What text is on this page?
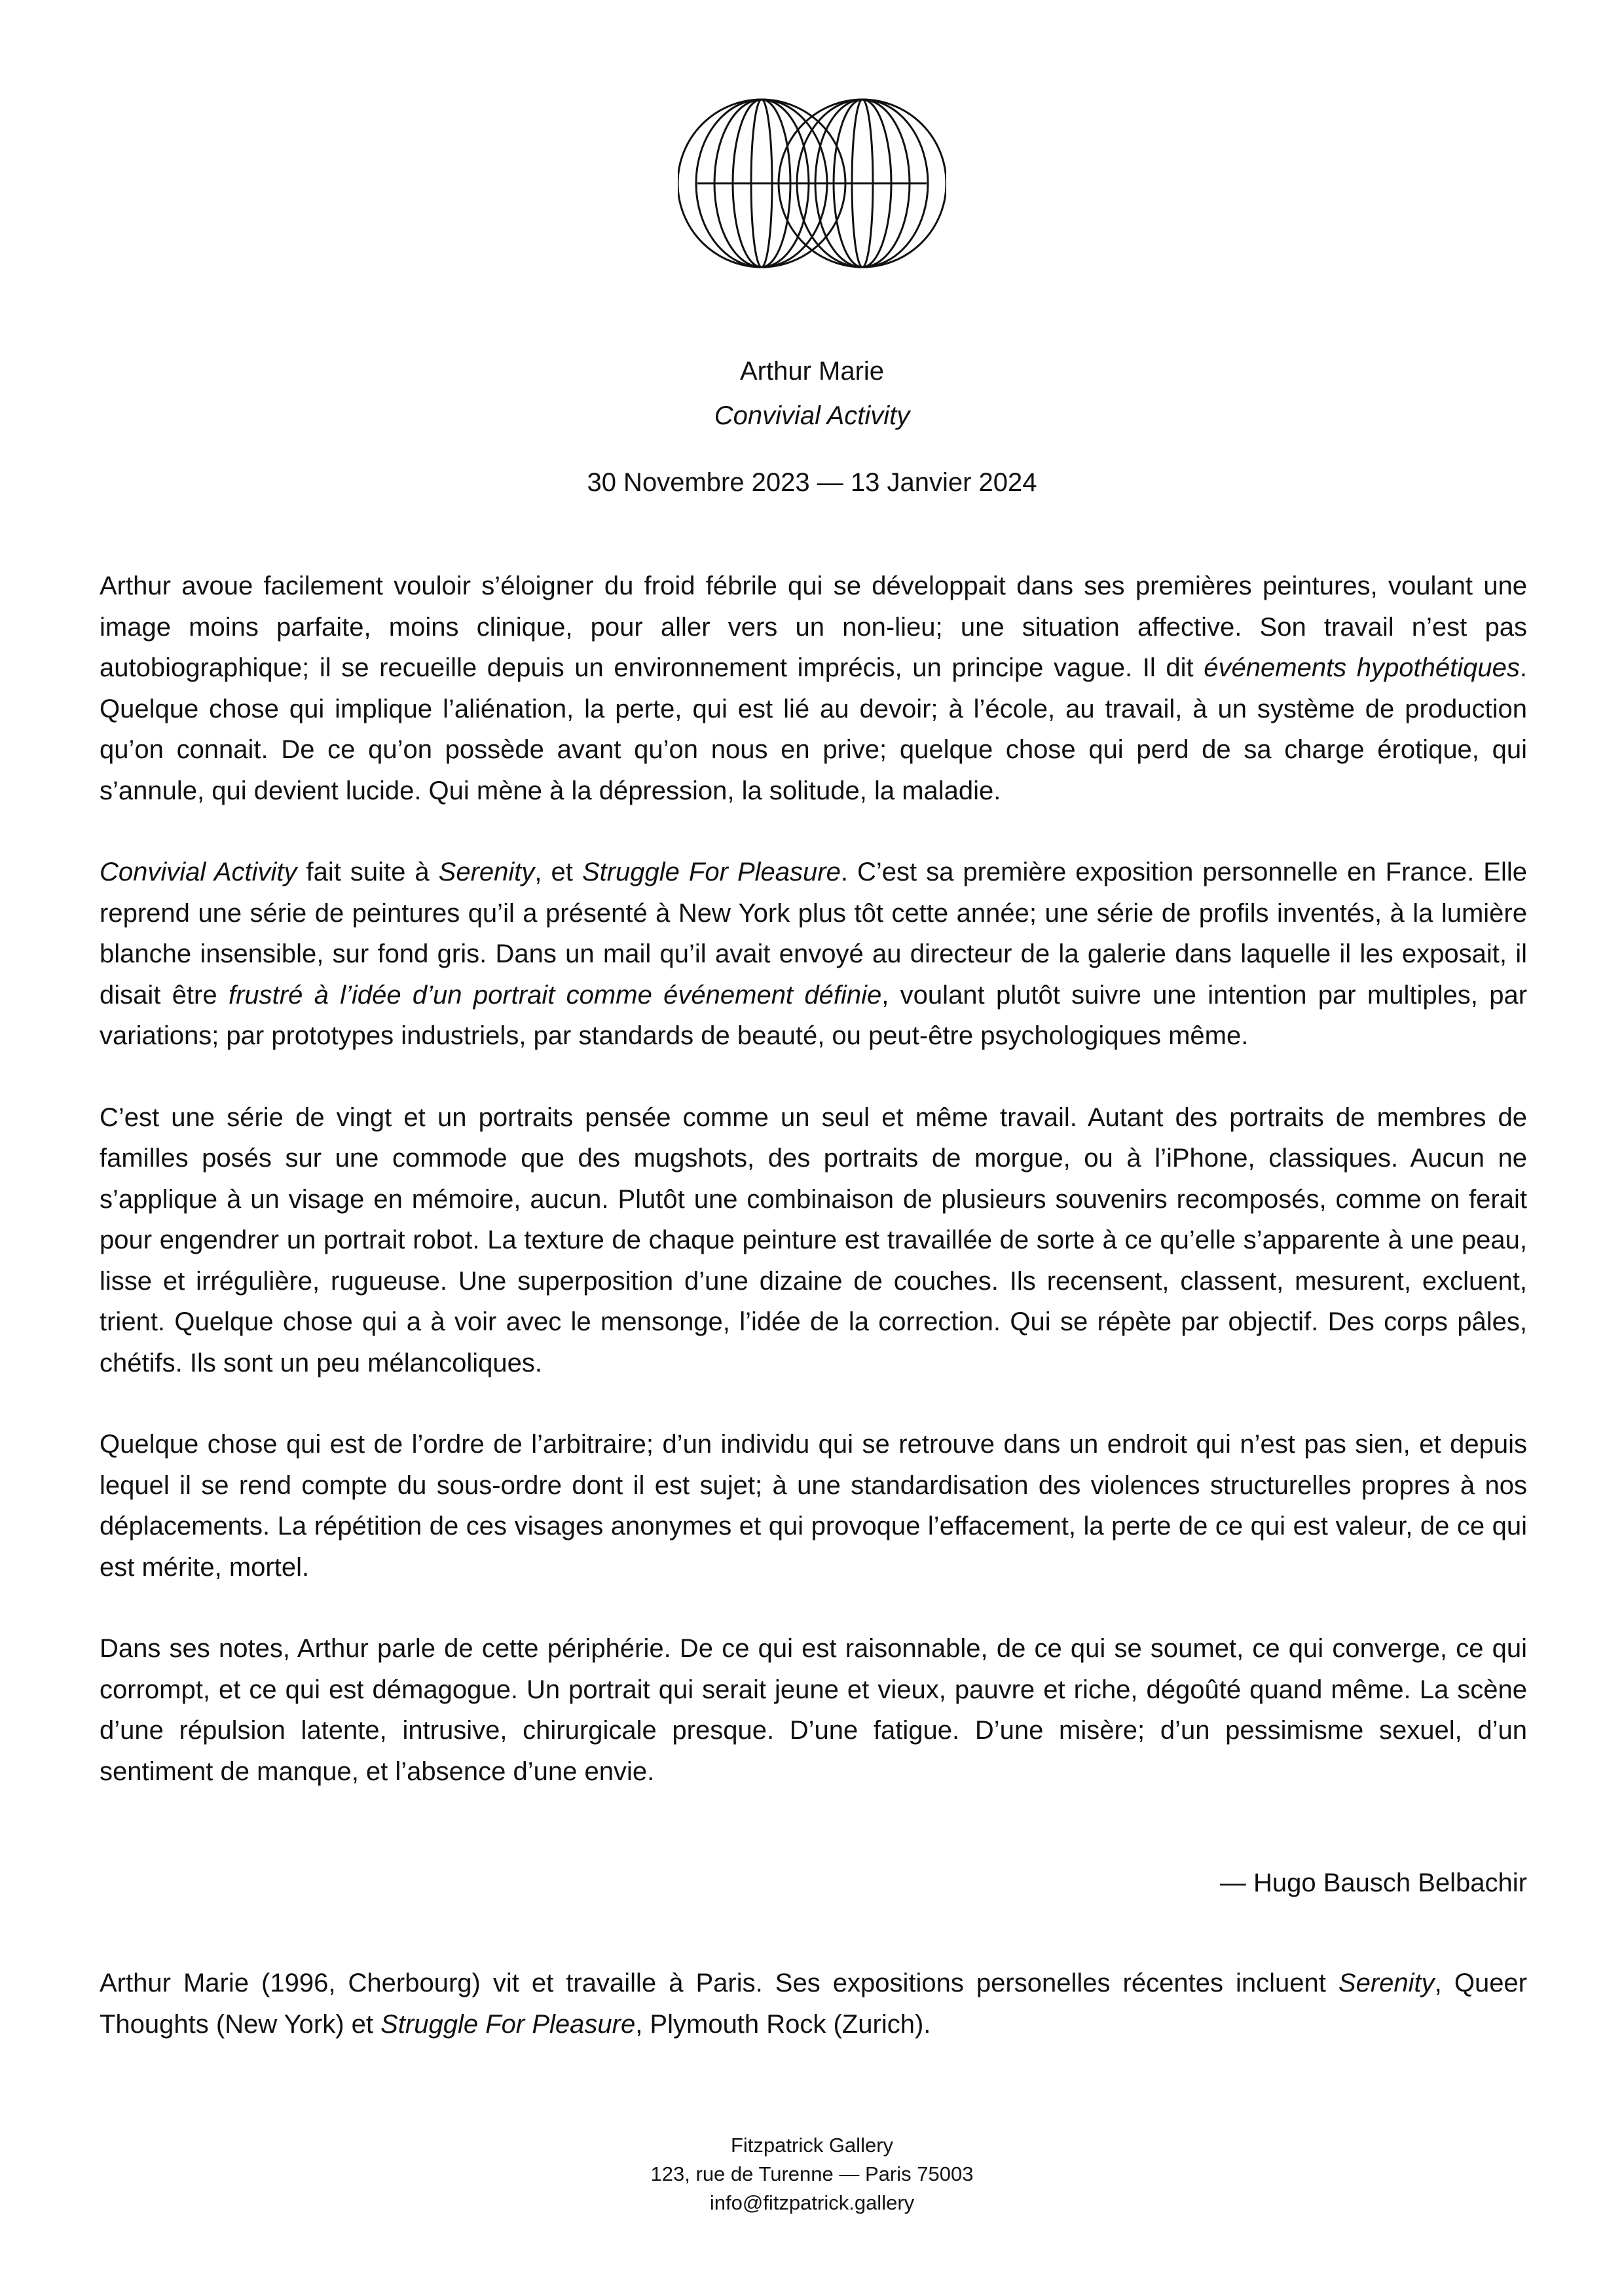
Arthur Marie
Convivial Activity
30 Novembre 2023 — 13 Janvier 2024

Arthur avoue facilement vouloir s’éloigner du froid fébrile qui se développait dans ses premières peintures, voulant une image moins parfaite, moins clinique, pour aller vers un non-lieu; une situation affective. Son travail n’est pas autobiographique; il se recueille depuis un environnement imprécis, un principe vague. Il dit événements hypothétiques. Quelque chose qui implique l’aliénation, la perte, qui est lié au devoir; à l’école, au travail, à un système de production qu’on connait. De ce qu’on possède avant qu’on nous en prive; quelque chose qui perd de sa charge érotique, qui s’annule, qui devient lucide. Qui mène à la dépression, la solitude, la maladie.

Convivial Activity fait suite à Serenity, et Struggle For Pleasure. C’est sa première exposition personnelle en France. Elle reprend une série de peintures qu’il a présenté à New York plus tôt cette année; une série de profils inventés, à la lumière blanche insensible, sur fond gris. Dans un mail qu’il avait envoyé au directeur de la galerie dans laquelle il les exposait, il disait être frustré à l’idée d’un portrait comme événement définie, voulant plutôt suivre une intention par multiples, par variations; par prototypes industriels, par standards de beauté, ou peut-être psychologiques même.

C’est une série de vingt et un portraits pensée comme un seul et même travail. Autant des portraits de membres de familles posés sur une commode que des mugshots, des portraits de morgue, ou à l’iPhone, classiques. Aucun ne s’applique à un visage en mémoire, aucun. Plutôt une combinaison de plusieurs souvenirs recomposés, comme on ferait pour engendrer un portrait robot. La texture de chaque peinture est travaillée de sorte à ce qu’elle s’apparente à une peau, lisse et irrégulière, rugueuse. Une superposition d’une dizaine de couches. Ils recensent, classent, mesurent, excluent, trient. Quelque chose qui a à voir avec le mensonge, l’idée de la correction. Qui se répète par objectif. Des corps pâles, chétifs. Ils sont un peu mélancoliques.

Quelque chose qui est de l’ordre de l’arbitraire; d’un individu qui se retrouve dans un endroit qui n’est pas sien, et depuis lequel il se rend compte du sous-ordre dont il est sujet; à une standardisation des violences structurelles propres à nos déplacements. La répétition de ces visages anonymes et qui provoque l’effacement, la perte de ce qui est valeur, de ce qui est mérite, mortel.

Dans ses notes, Arthur parle de cette périphérie. De ce qui est raisonnable, de ce qui se soumet, ce qui converge, ce qui corrompt, et ce qui est démagogue. Un portrait qui serait jeune et vieux, pauvre et riche, dégoûté quand même. La scène d’une répulsion latente, intrusive, chirurgicale presque. D’une fatigue. D’une misère; d’un pessimisme sexuel, d’un sentiment de manque, et l’absence d’une envie.

— Hugo Bausch Belbachir

Arthur Marie (1996, Cherbourg) vit et travaille à Paris. Ses expositions personelles récentes incluent Serenity, Queer Thoughts (New York) et Struggle For Pleasure, Plymouth Rock (Zurich).

Fitzpatrick Gallery
123, rue de Turenne — Paris 75003
info@fitzpatrick.gallery
